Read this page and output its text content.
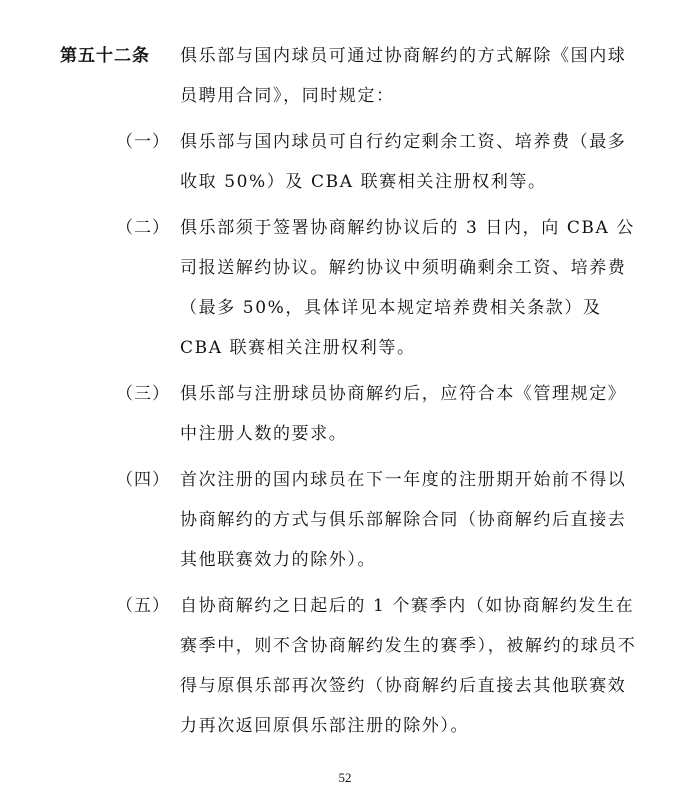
第五十二条	俱乐部与国内球员可通过协商解约的方式解除《国内球员聘用合同》，同时规定：
（一） 俱乐部与国内球员可自行约定剩余工资、培养费（最多收取 50%）及 CBA 联赛相关注册权利等。
（二） 俱乐部须于签署协商解约协议后的 3 日内，向 CBA 公司报送解约协议。解约协议中须明确剩余工资、培养费（最多 50%，具体详见本规定培养费相关条款）及 CBA 联赛相关注册权利等。
（三） 俱乐部与注册球员协商解约后，应符合本《管理规定》中注册人数的要求。
（四） 首次注册的国内球员在下一年度的注册期开始前不得以协商解约的方式与俱乐部解除合同（协商解约后直接去其他联赛效力的除外）。
（五） 自协商解约之日起后的 1 个赛季内（如协商解约发生在赛季中，则不含协商解约发生的赛季），被解约的球员不得与原俱乐部再次签约（协商解约后直接去其他联赛效力再次返回原俱乐部注册的除外）。
52
